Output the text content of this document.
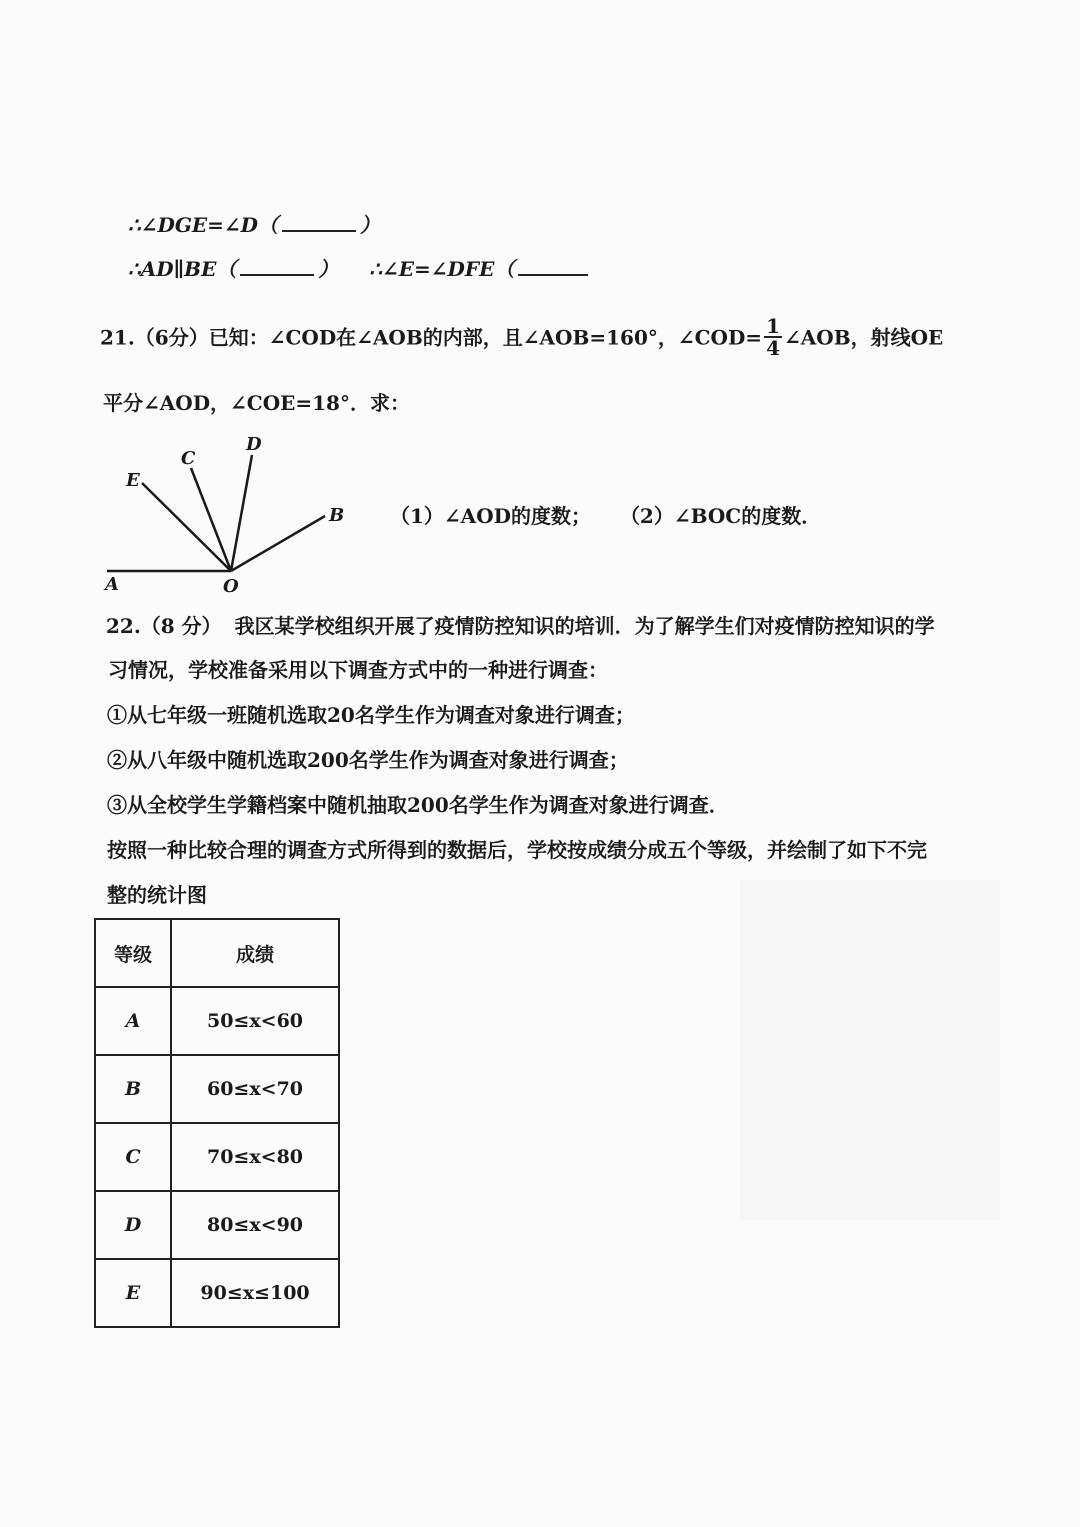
∴∠DGE=∠D（	）
∴AD∥BE（	） ∴∠E=∠DFE（
21.（6分）已知：∠COD在∠AOB的内部，且∠AOB=160°，∠COD= $\frac{1}{4}$ ∠AOB，射线OE
平分∠AOD，∠COE=18°．求：
A	O
B
C
D
E
（1）∠AOD的度数； （2）∠BOC的度数．
22.（8 分） 我区某学校组织开展了疫情防控知识的培训．为了解学生们对疫情防控知识的学
习情况，学校准备采用以下调查方式中的一种进行调查：
①从七年级一班随机选取20名学生作为调查对象进行调查；
②从八年级中随机选取200名学生作为调查对象进行调查；
③从全校学生学籍档案中随机抽取200名学生作为调查对象进行调查．
按照一种比较合理的调查方式所得到的数据后，学校按成绩分成五个等级，并绘制了如下不完
整的统计图
等级	成绩
A	50≤x<60
B	60≤x<70
C	70≤x<80
D	80≤x<90
E	90≤x≤100
